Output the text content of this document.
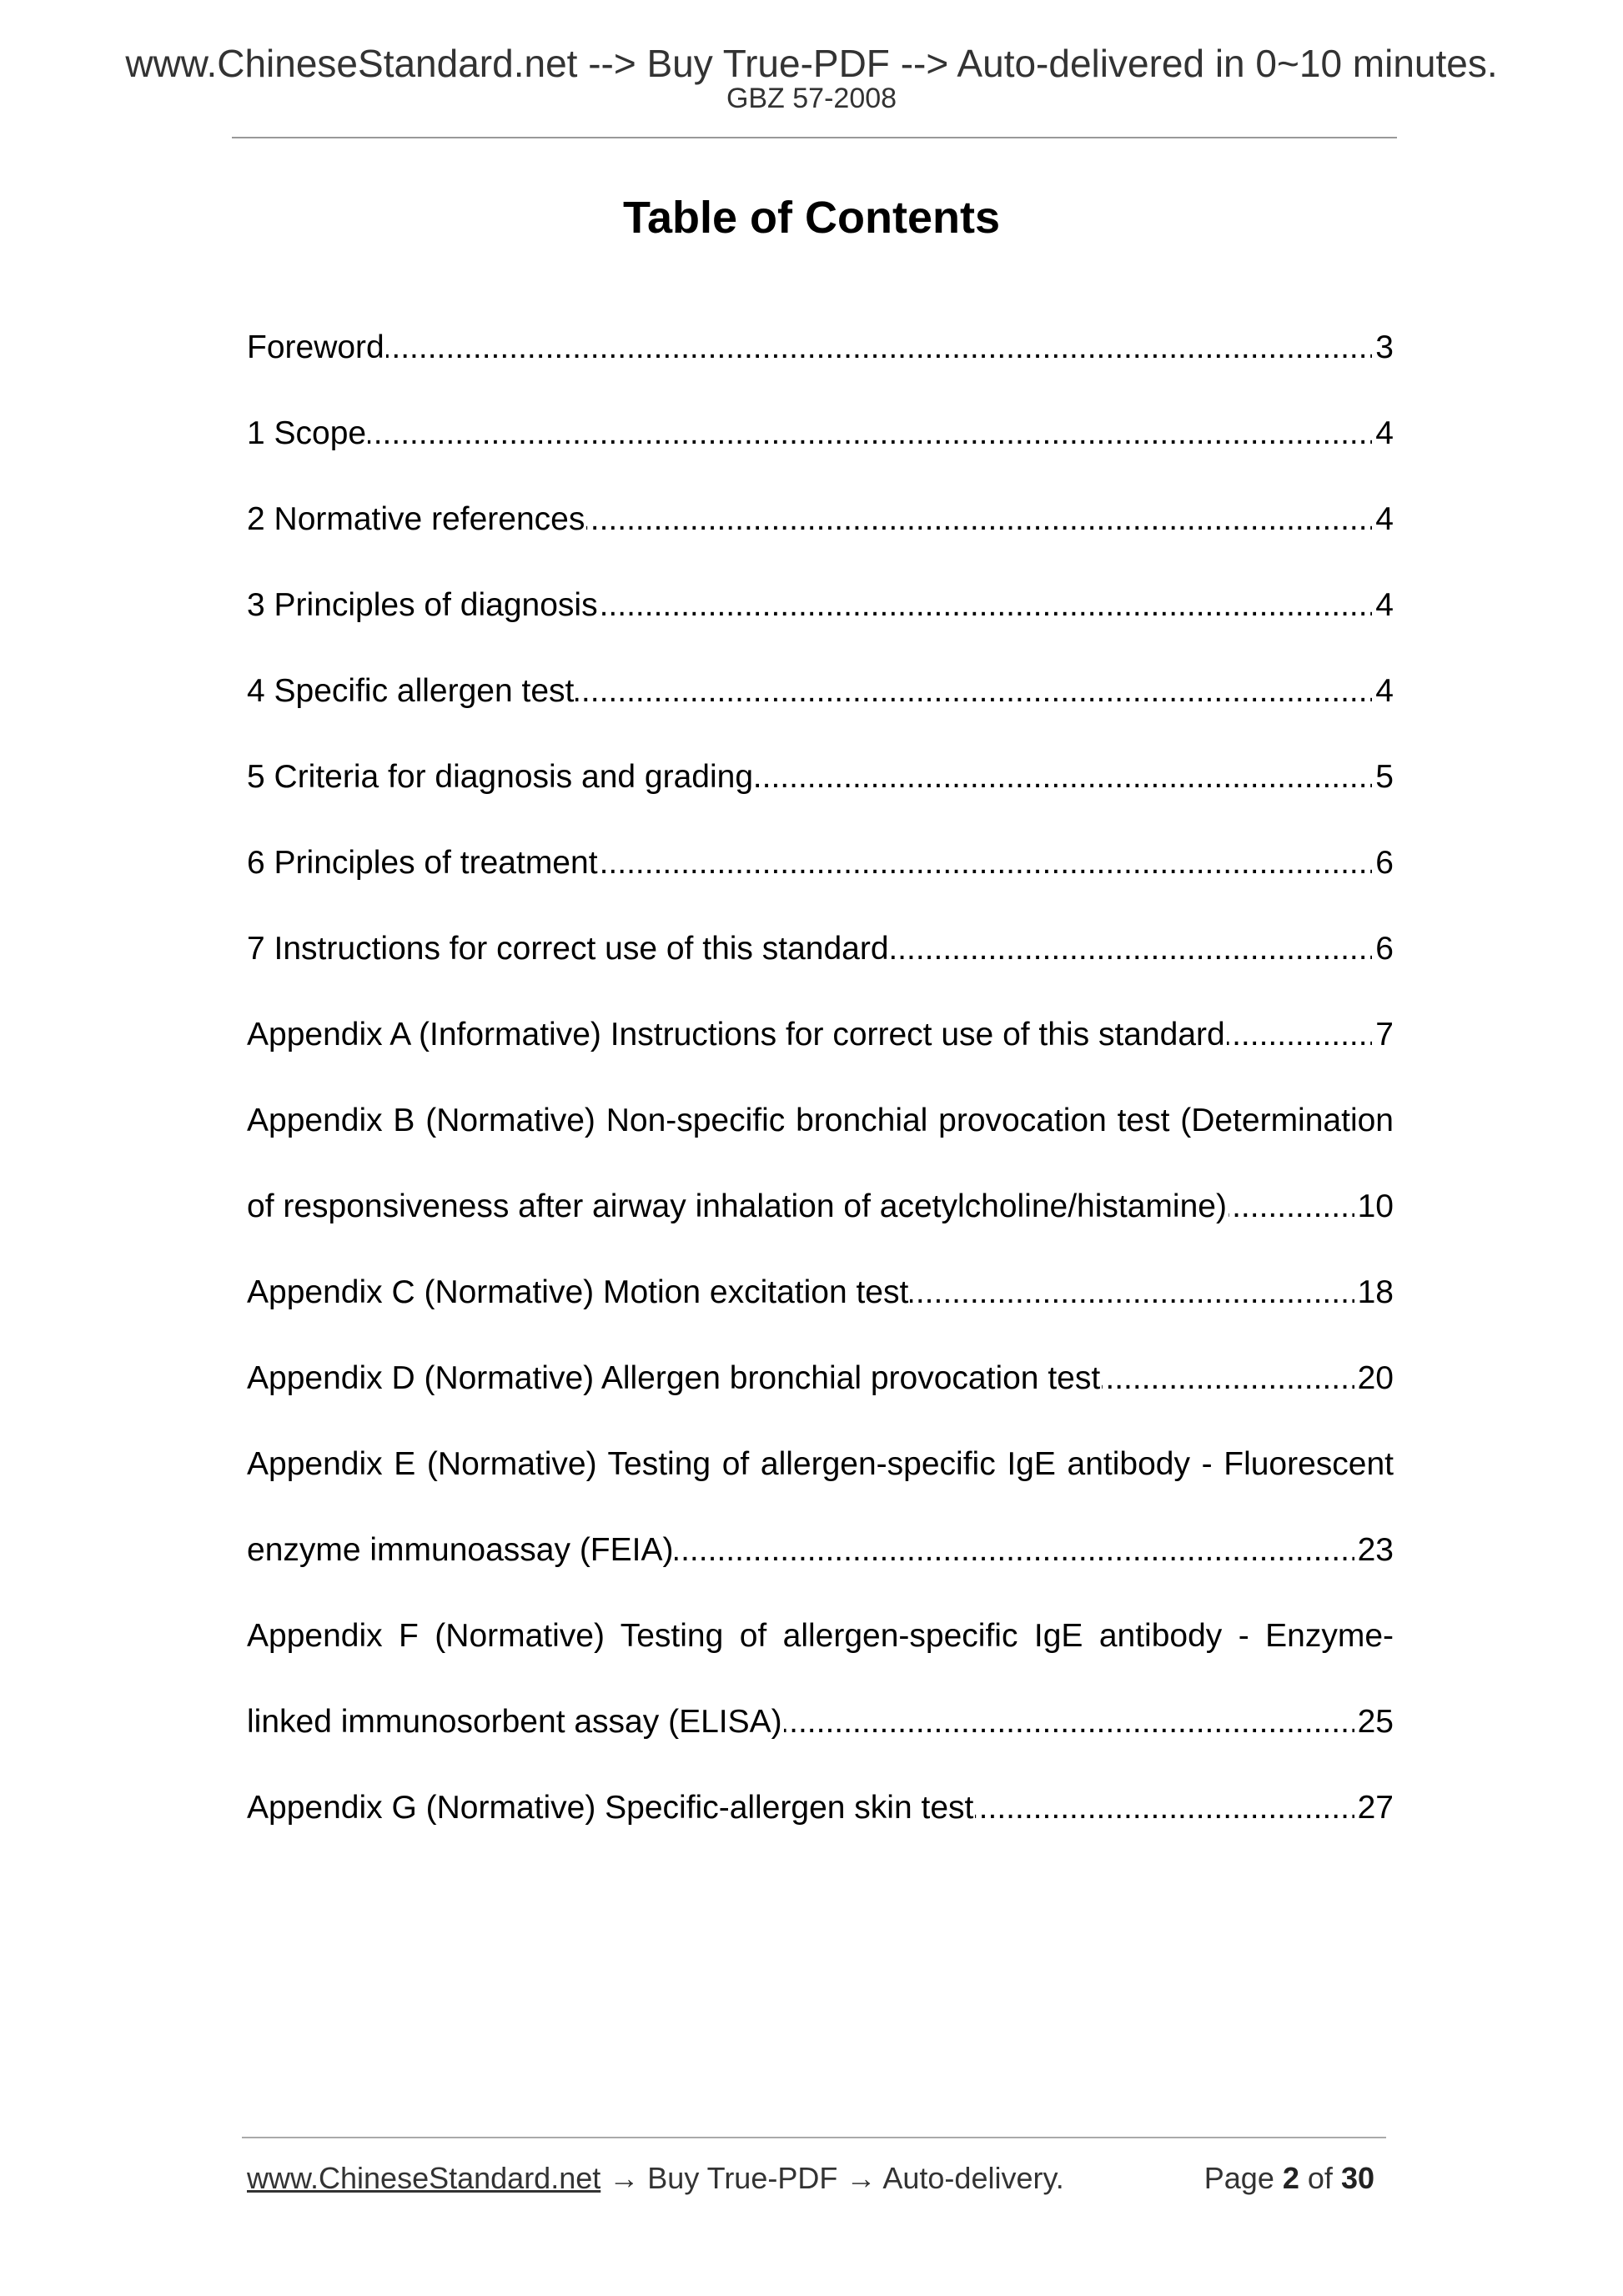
www.ChineseStandard.net --> Buy True-PDF --> Auto-delivered in 0~10 minutes.
GBZ 57-2008
Table of Contents
.....
Foreword	3
.....
1 Scope	4
.....
2 Normative references	4
.....
3 Principles of diagnosis	4
.....
4 Specific allergen test	4
.....
5 Criteria for diagnosis and grading	5
.....
6 Principles of treatment	6
.....
7 Instructions for correct use of this standard	6
.....
Appendix A (Informative) Instructions for correct use of this standard	7
Appendix B (Normative) Non-specific bronchial provocation test (Determination
.....
of responsiveness after airway inhalation of acetylcholine/histamine)	10
.....
Appendix C (Normative) Motion excitation test	18
.....
Appendix D (Normative) Allergen bronchial provocation test	20
Appendix E (Normative) Testing of allergen-specific IgE antibody - Fluorescent
.....
enzyme immunoassay (FEIA)	23
Appendix F (Normative) Testing of allergen-specific IgE antibody - Enzyme-
.....
linked immunosorbent assay (ELISA)	25
.....
Appendix G (Normative) Specific-allergen skin test	27
www.ChineseStandard.net → Buy True-PDF → Auto-delivery.	Page 2 of 30
